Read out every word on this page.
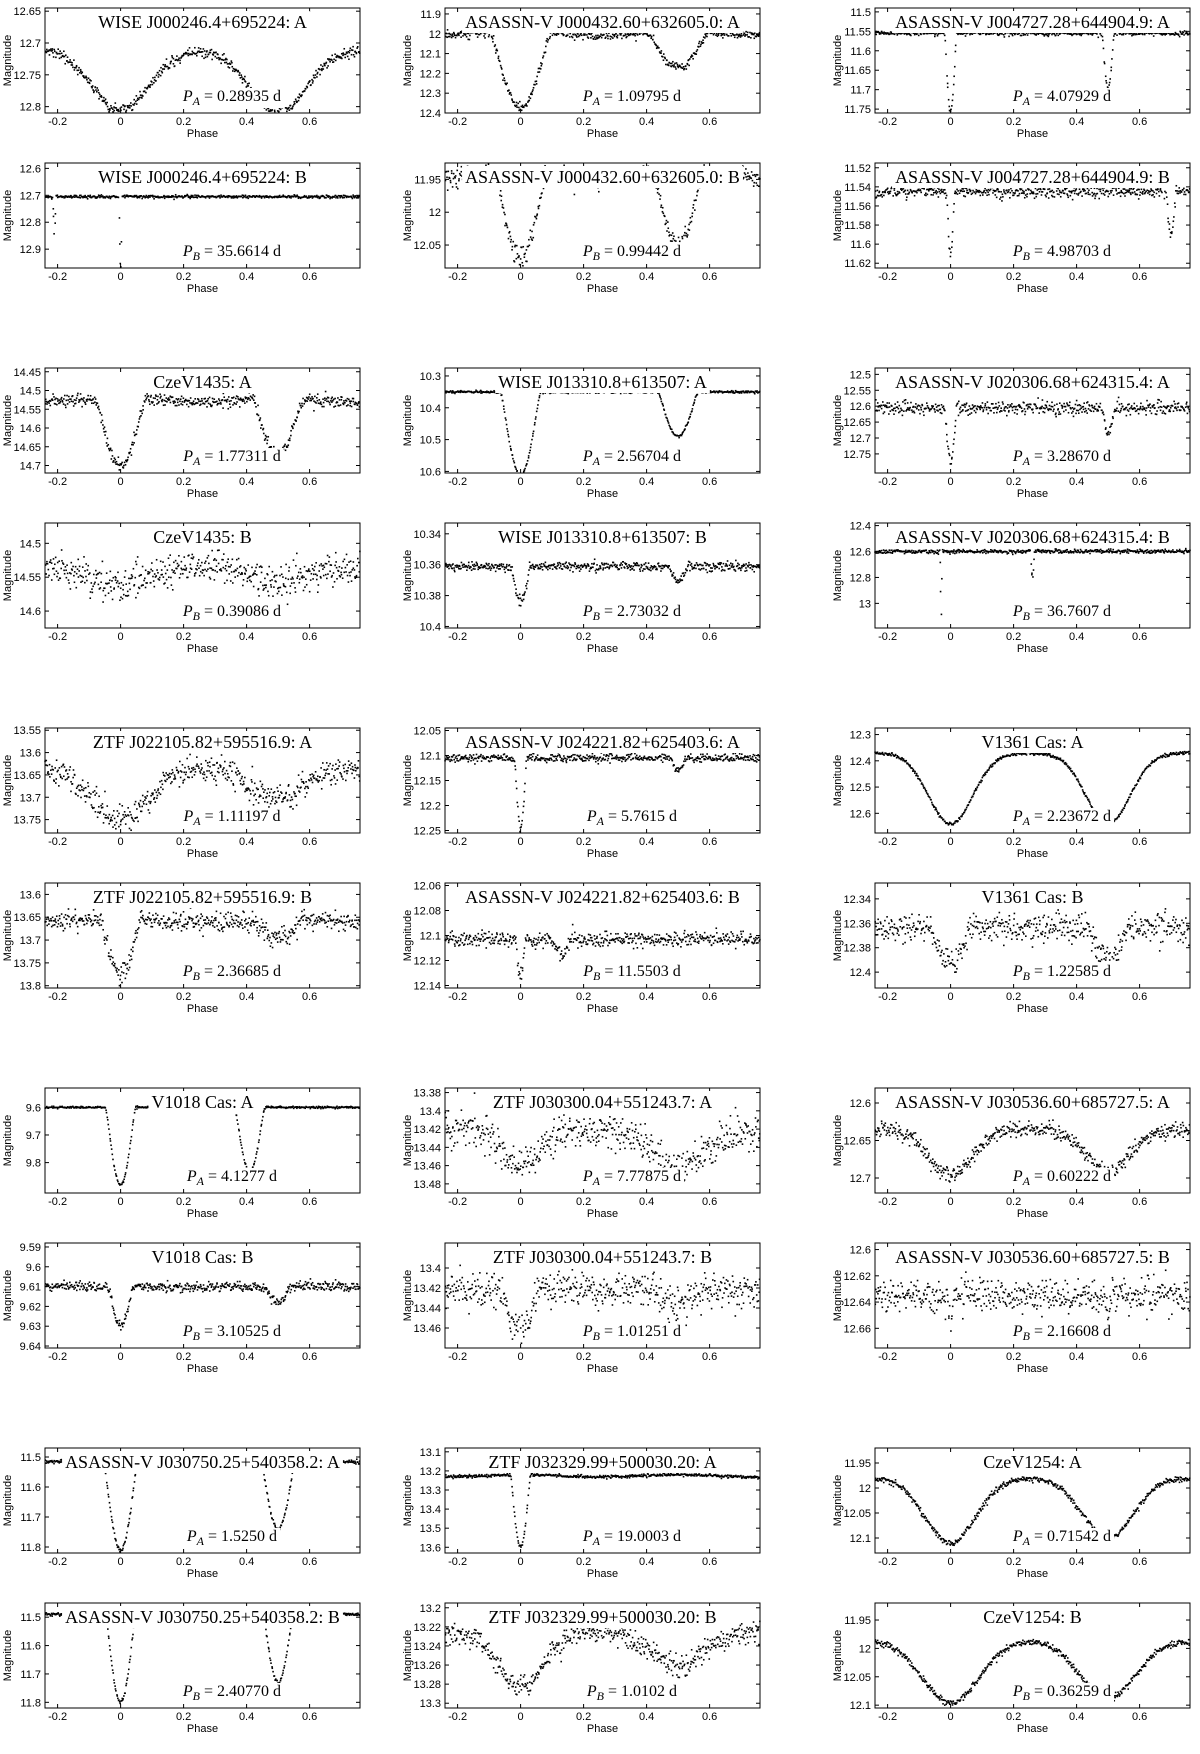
-0.2	0	0.2	0.4	0.6
12.65
12.7
12.75
12.8
Phase
Magnitude
WISE J000246.4+695224: A
$P_A = 0.28935$ d
-0.2	0	0.2	0.4	0.6
11.9
12
12.1
12.2
12.3
12.4
Phase
Magnitude
ASASSN-V J000432.60+632605.0: A
$P_A = 1.09795$ d
-0.2	0	0.2	0.4	0.6
11.5
11.55
11.6
11.65
11.7
11.75
Phase
Magnitude
ASASSN-V J004727.28+644904.9: A
$P_A = 4.07929$ d
-0.2	0	0.2	0.4	0.6
12.6
12.7
12.8
12.9
Phase
Magnitude
WISE J000246.4+695224: B
$P_B = 35.6614$ d
-0.2	0	0.2	0.4	0.6
11.95
12
12.05
Phase
Magnitude
ASASSN-V J000432.60+632605.0: B
$P_B = 0.99442$ d
-0.2	0	0.2	0.4	0.6
11.52
11.54
11.56
11.58
11.6
11.62
Phase
Magnitude
ASASSN-V J004727.28+644904.9: B
$P_B = 4.98703$ d
-0.2	0	0.2	0.4	0.6
14.45
14.5
14.55
14.6
14.65
14.7
Phase
Magnitude
CzeV1435: A
$P_A = 1.77311$ d
-0.2	0	0.2	0.4	0.6
10.3
10.4
10.5
10.6
Phase
Magnitude
WISE J013310.8+613507: A
$P_A = 2.56704$ d
-0.2	0	0.2	0.4	0.6
12.5
12.55
12.6
12.65
12.7
12.75
Phase
Magnitude
ASASSN-V J020306.68+624315.4: A
$P_A = 3.28670$ d
-0.2	0	0.2	0.4	0.6
14.5
14.55
14.6
Phase
Magnitude
CzeV1435: B
$P_B = 0.39086$ d
-0.2	0	0.2	0.4	0.6
10.34
10.36
10.38
10.4
Phase
Magnitude
WISE J013310.8+613507: B
$P_B = 2.73032$ d
-0.2	0	0.2	0.4	0.6
12.4
12.6
12.8
13
Phase
Magnitude
ASASSN-V J020306.68+624315.4: B
$P_B = 36.7607$ d
-0.2	0	0.2	0.4	0.6
13.55
13.6
13.65
13.7
13.75
Phase
Magnitude
ZTF J022105.82+595516.9: A
$P_A = 1.11197$ d
-0.2	0	0.2	0.4	0.6
12.05
12.1
12.15
12.2
12.25
Phase
Magnitude
ASASSN-V J024221.82+625403.6: A
$P_A = 5.7615$ d
-0.2	0	0.2	0.4	0.6
12.3
12.4
12.5
12.6
Phase
Magnitude
V1361 Cas: A
$P_A = 2.23672$ d
-0.2	0	0.2	0.4	0.6
13.6
13.65
13.7
13.75
13.8
Phase
Magnitude
ZTF J022105.82+595516.9: B
$P_B = 2.36685$ d
-0.2	0	0.2	0.4	0.6
12.06
12.08
12.1
12.12
12.14
Phase
Magnitude
ASASSN-V J024221.82+625403.6: B
$P_B = 11.5503$ d
-0.2	0	0.2	0.4	0.6
12.34
12.36
12.38
12.4
Phase
Magnitude
V1361 Cas: B
$P_B = 1.22585$ d
-0.2	0	0.2	0.4	0.6
9.6
9.7
9.8
Phase
Magnitude
V1018 Cas: A
$P_A = 4.1277$ d
-0.2	0	0.2	0.4	0.6
13.38
13.4
13.42
13.44
13.46
13.48
Phase
Magnitude
ZTF J030300.04+551243.7: A
$P_A = 7.77875$ d
-0.2	0	0.2	0.4	0.6
12.6
12.65
12.7
Phase
Magnitude
ASASSN-V J030536.60+685727.5: A
$P_A = 0.60222$ d
-0.2	0	0.2	0.4	0.6
9.59
9.6
9.61
9.62
9.63
9.64
Phase
Magnitude
V1018 Cas: B
$P_B = 3.10525$ d
-0.2	0	0.2	0.4	0.6
13.4
13.42
13.44
13.46
Phase
Magnitude
ZTF J030300.04+551243.7: B
$P_B = 1.01251$ d
-0.2	0	0.2	0.4	0.6
12.6
12.62
12.64
12.66
Phase
Magnitude
ASASSN-V J030536.60+685727.5: B
$P_B = 2.16608$ d
-0.2	0	0.2	0.4	0.6
11.5
11.6
11.7
11.8
Phase
Magnitude
ASASSN-V J030750.25+540358.2: A
$P_A = 1.5250$ d
-0.2	0	0.2	0.4	0.6
13.1
13.2
13.3
13.4
13.5
13.6
Phase
Magnitude
ZTF J032329.99+500030.20: A
$P_A = 19.0003$ d
-0.2	0	0.2	0.4	0.6
11.95
12
12.05
12.1
Phase
Magnitude
CzeV1254: A
$P_A = 0.71542$ d
-0.2	0	0.2	0.4	0.6
11.5
11.6
11.7
11.8
Phase
Magnitude
ASASSN-V J030750.25+540358.2: B
$P_B = 2.40770$ d
-0.2	0	0.2	0.4	0.6
13.2
13.22
13.24
13.26
13.28
13.3
Phase
Magnitude
ZTF J032329.99+500030.20: B
$P_B = 1.0102$ d
-0.2	0	0.2	0.4	0.6
11.95
12
12.05
12.1
Phase
Magnitude
CzeV1254: B
$P_B = 0.36259$ d
